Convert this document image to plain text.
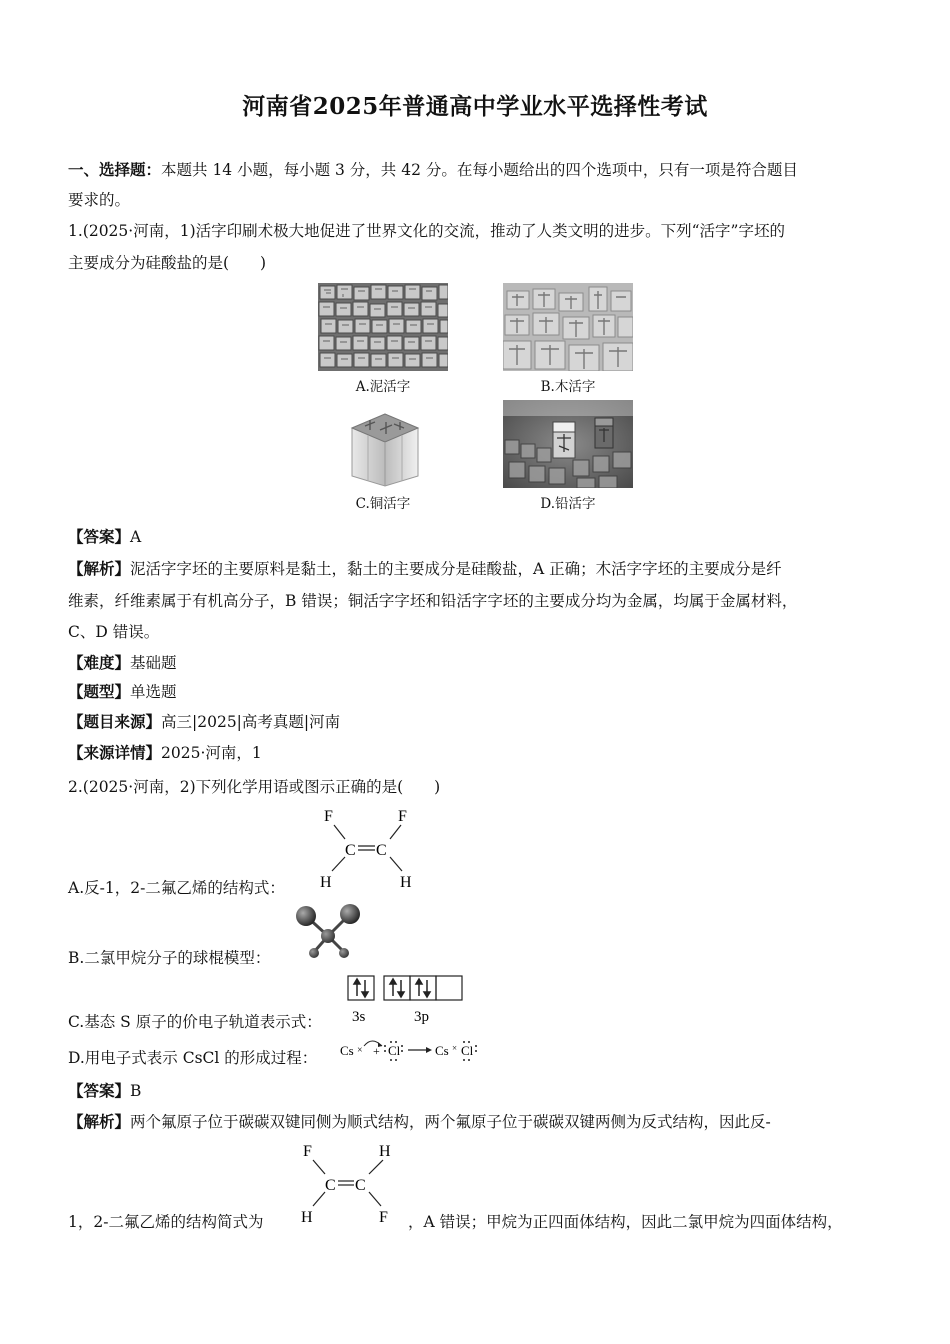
河南省2025年普通高中学业水平选择性考试
一、选择题：本题共 14 小题，每小题 3 分，共 42 分。在每小题给出的四个选项中，只有一项是符合题目
要求的。
1.(2025·河南，1)活字印刷术极大地促进了世界文化的交流，推动了人类文明的进步。下列“活字”字坯的
主要成分为硅酸盐的是(　　)
A.泥活字	B.木活字
C.铜活字	D.铅活字
【答案】A
【解析】泥活字字坯的主要原料是黏土，黏土的主要成分是硅酸盐，A 正确；木活字字坯的主要成分是纤
维素，纤维素属于有机高分子，B 错误；铜活字字坯和铅活字字坯的主要成分均为金属，均属于金属材料，
C、D 错误。
【难度】基础题
【题型】单选题
【题目来源】高三|2025|高考真题|河南
【来源详情】2025·河南，1
2.(2025·河南，2)下列化学用语或图示正确的是(　　)
F	F
C C
H	H
A.反-1，2-二氟乙烯的结构式：
B.二氯甲烷分子的球棍模型：
3s	3p
C.基态 S 原子的价电子轨道表示式：
Cs × + Cl	Cs × Cl
D.用电子式表示 CsCl 的形成过程：
【答案】B
【解析】两个氟原子位于碳碳双键同侧为顺式结构，两个氟原子位于碳碳双键两侧为反式结构，因此反-
F	H
C C
H	F
1，2-二氟乙烯的结构简式为	，A 错误；甲烷为正四面体结构，因此二氯甲烷为四面体结构，
